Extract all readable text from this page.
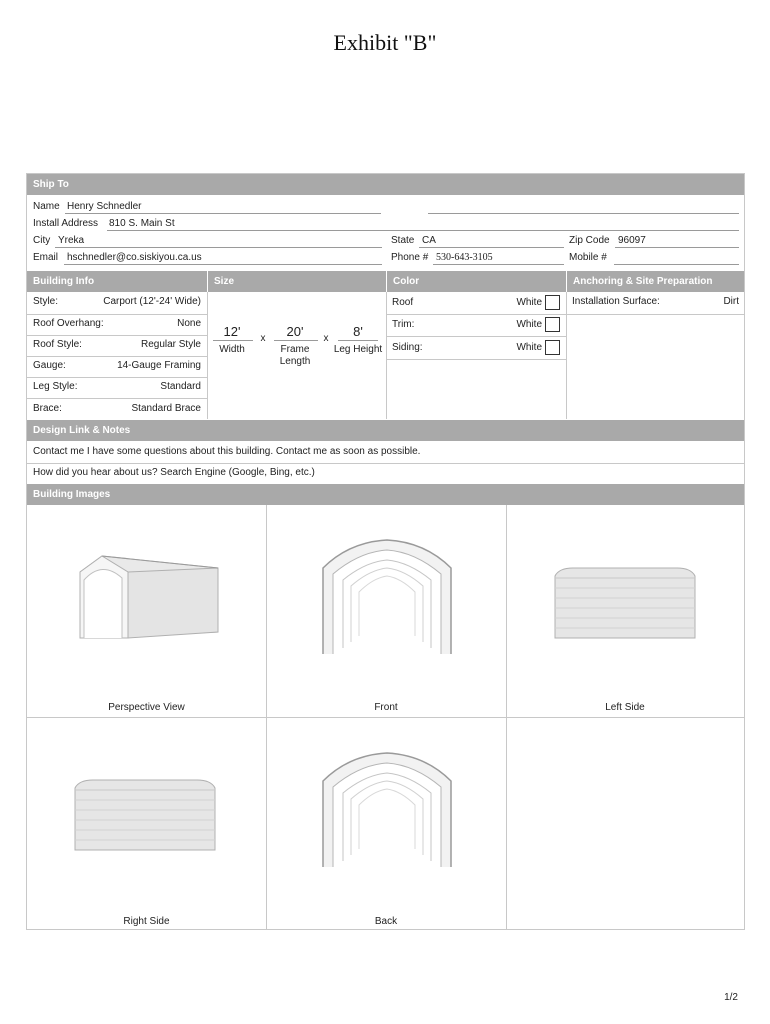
Exhibit "B"
Ship To
Name Henry Schnedler
Install Address 810 S. Main St
City Yreka	State CA	Zip Code 96097
Email hschnedler@co.siskiyou.ca.us	Phone # 530-643-3105	Mobile #
Building Info	Size	Color	Anchoring & Site Preparation
Style:	Carport (12'-24' Wide)
Roof Overhang:	None
Roof Style:	Regular Style
Gauge:	14-Gauge Framing
Leg Style:	Standard
Brace:	Standard Brace
12'
Width
x	20'
Frame
Length
x	8'
Leg Height
Roof	White
Trim:	White
Siding:	White
Installation Surface:	Dirt
Design Link & Notes
Contact me I have some questions about this building. Contact me as soon as possible.
How did you hear about us? Search Engine (Google, Bing, etc.)
Building Images
Perspective View	Front	Left Side
Right Side	Back
1/2
